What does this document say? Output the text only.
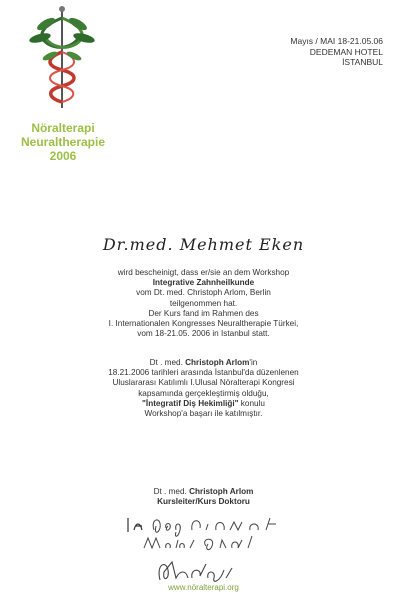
Nöralterapi
Neuraltherapie
2006
Mayıs / MAI 18-21.05.06
DEDEMAN HOTEL
İSTANBUL
Dr.med. Mehmet Eken
wird bescheinigt, dass er/sie an dem Workshop
Integrative Zahnheilkunde
vom Dt. med. Christoph Arlom, Berlin
teilgenommen hat.
Der Kurs fand im Rahmen des
I. Internationalen Kongresses Neuraltherapie Türkei,
vom 18-21.05. 2006 in Istanbul statt.
Dt . med. Christoph Arlom'in
18.21.2006 tarihleri arasında İstanbul'da düzenlenen
Uluslararası Katılımlı I.Ulusal Nöralterapi Kongresi
kapsamında gerçekleştirmiş olduğu,
"İntegratif Diş Hekimliği" konulu
Workshop'a başarı ile katılmıştır.
Dt . med. Christoph Arlom
Kursleiter/Kurs Doktoru
www.nöralterapi.org
